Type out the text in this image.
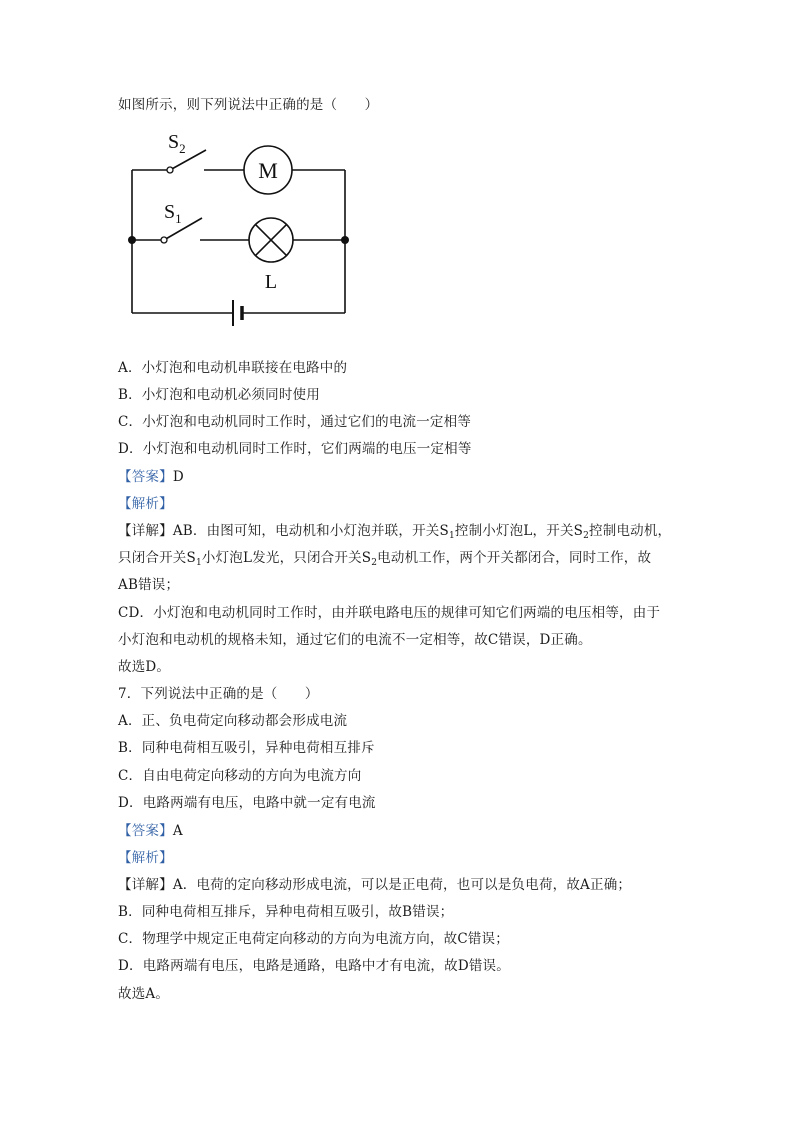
如图所示，则下列说法中正确的是（　　）
$S_2$
$S_1$
M
L
A．小灯泡和电动机串联接在电路中的
B．小灯泡和电动机必须同时使用
C．小灯泡和电动机同时工作时，通过它们的电流一定相等
D．小灯泡和电动机同时工作时，它们两端的电压一定相等
【答案】D
【解析】
【详解】AB．由图可知，电动机和小灯泡并联，开关$S_1$控制小灯泡L，开关$S_2$控制电动机，
只闭合开关$S_1$小灯泡L发光，只闭合开关$S_2$电动机工作，两个开关都闭合，同时工作，故
AB错误；
CD．小灯泡和电动机同时工作时，由并联电路电压的规律可知它们两端的电压相等，由于
小灯泡和电动机的规格未知，通过它们的电流不一定相等，故C错误，D正确。
故选D。
7．下列说法中正确的是（　　）
A．正、负电荷定向移动都会形成电流
B．同种电荷相互吸引，异种电荷相互排斥
C．自由电荷定向移动的方向为电流方向
D．电路两端有电压，电路中就一定有电流
【答案】A
【解析】
【详解】A．电荷的定向移动形成电流，可以是正电荷，也可以是负电荷，故A正确；
B．同种电荷相互排斥，异种电荷相互吸引，故B错误；
C．物理学中规定正电荷定向移动的方向为电流方向，故C错误；
D．电路两端有电压，电路是通路，电路中才有电流，故D错误。
故选A。
